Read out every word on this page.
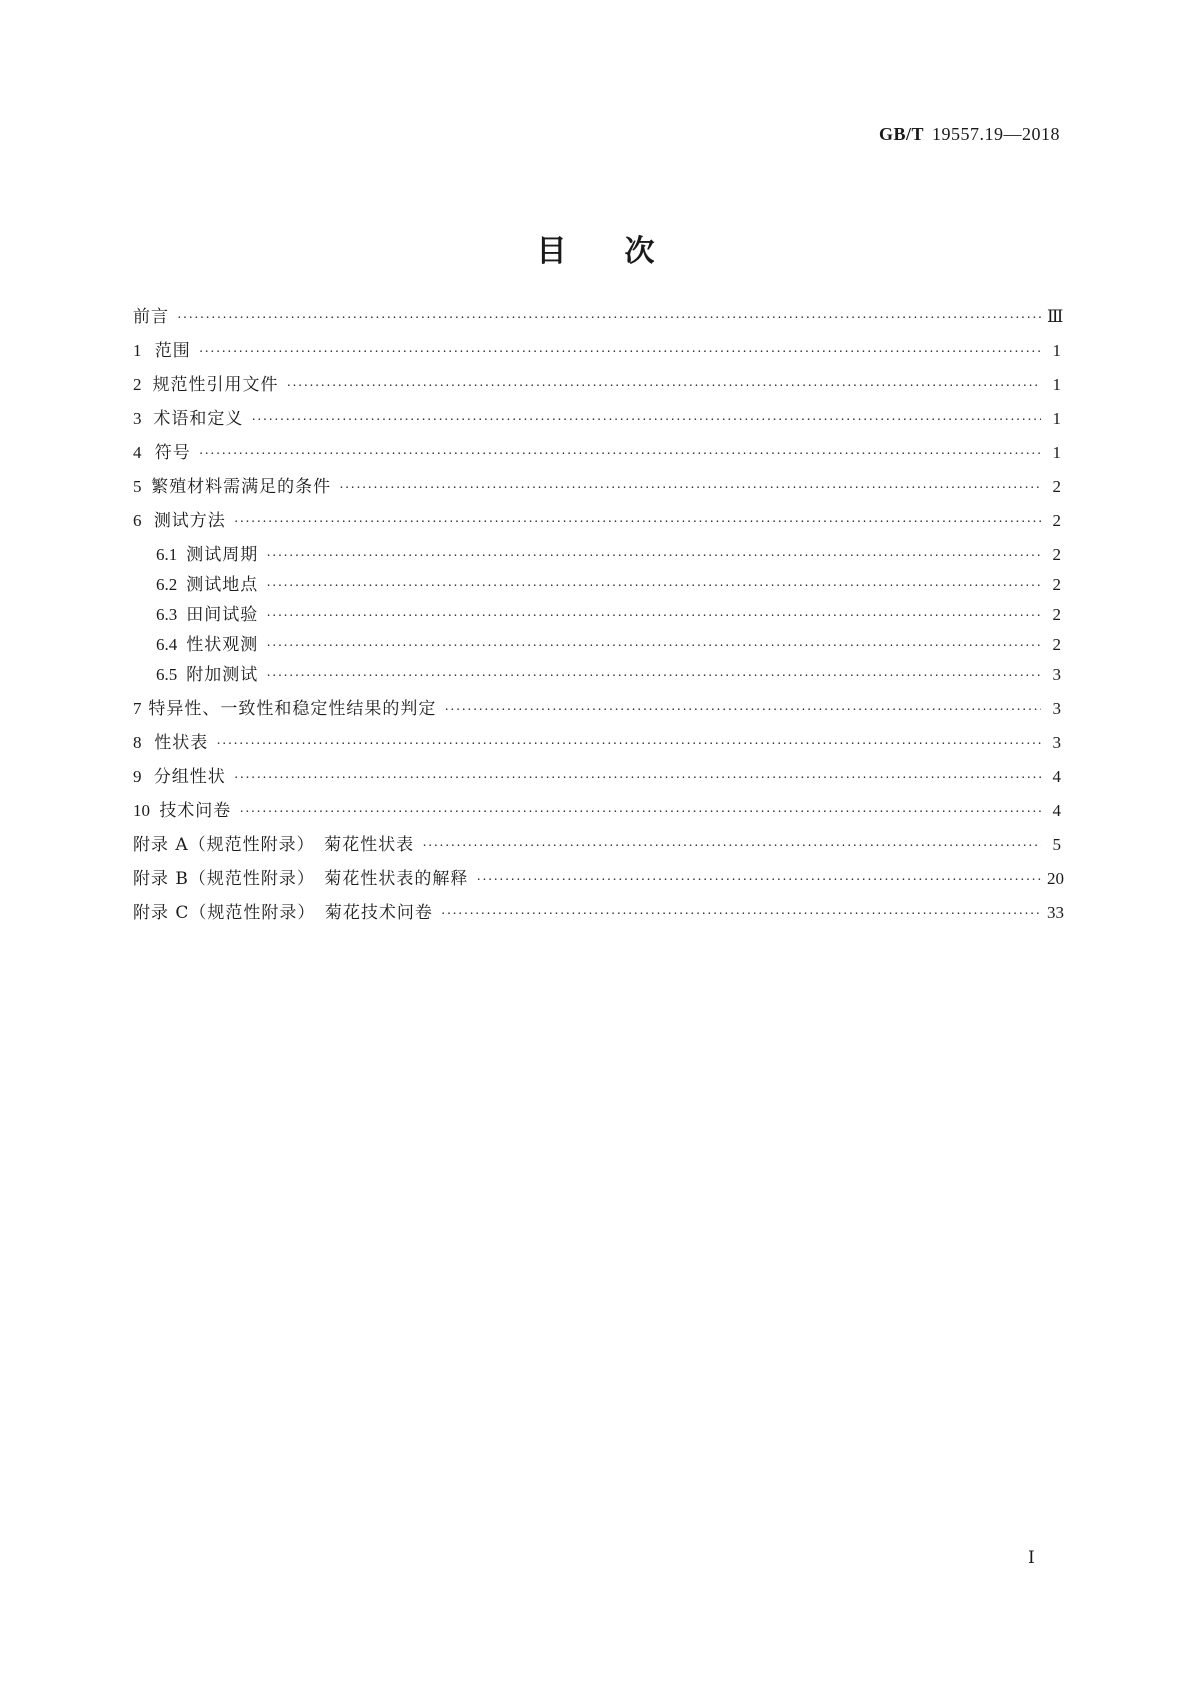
GB/T 19557.19—2018
目次
前言 ·····	Ⅲ
1 范围 ·····	1
2 规范性引用文件 ·····	1
3 术语和定义 ·····	1
4 符号 ·····	1
5 繁殖材料需满足的条件 ·····	2
6 测试方法 ·····	2
6.1 测试周期 ·····	2
6.2 测试地点 ·····	2
6.3 田间试验 ·····	2
6.4 性状观测 ·····	2
6.5 附加测试 ·····	3
7 特异性、一致性和稳定性结果的判定 ·····	3
8 性状表 ·····	3
9 分组性状 ·····	4
10 技术问卷 ·····	4
附录 A（规范性附录）　菊花性状表 ·····	5
附录 B（规范性附录）　菊花性状表的解释 ·····	20
附录 C（规范性附录）　菊花技术问卷 ·····	33
Ⅰ
